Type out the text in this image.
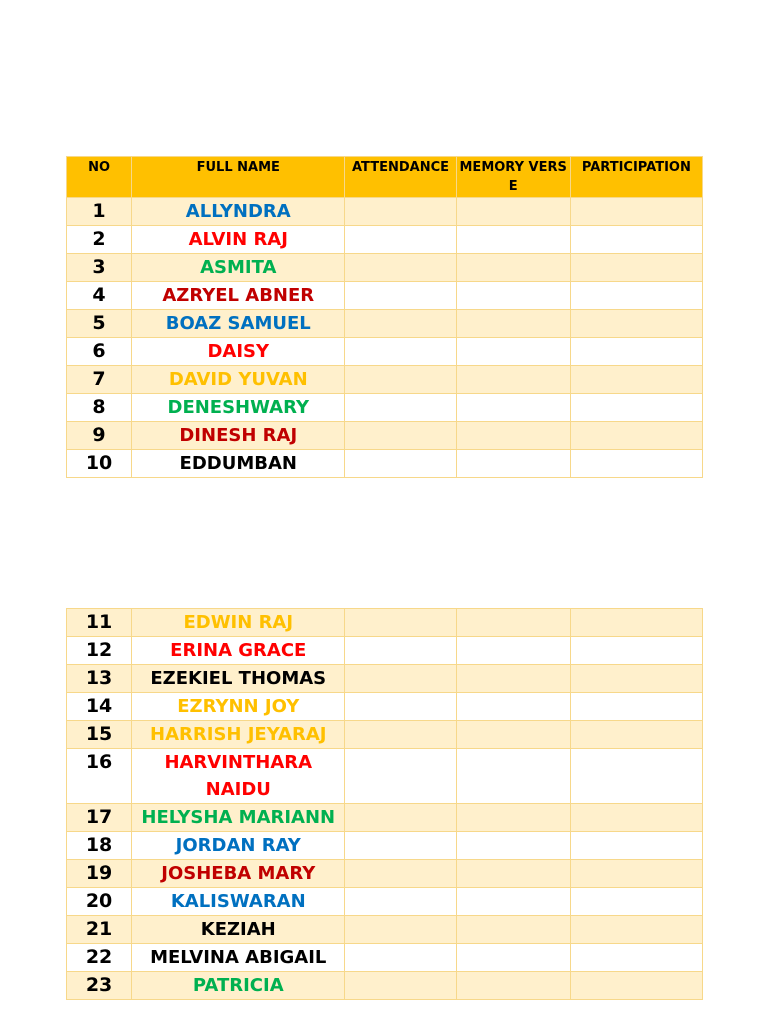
NO	FULL NAME	ATTENDANCE	MEMORY VERSE	PARTICIPATION
1	ALLYNDRA			
2	ALVIN RAJ			
3	ASMITA			
4	AZRYEL ABNER			
5	BOAZ SAMUEL			
6	DAISY			
7	DAVID YUVAN			
8	DENESHWARY			
9	DINESH RAJ			
10	EDDUMBAN			
11	EDWIN RAJ			
12	ERINA GRACE			
13	EZEKIEL THOMAS			
14	EZRYNN JOY			
15	HARRISH JEYARAJ			
16	HARVINTHARA NAIDU			
17	HELYSHA MARIANN			
18	JORDAN RAY			
19	JOSHEBA MARY			
20	KALISWARAN			
21	KEZIAH			
22	MELVINA ABIGAIL			
23	PATRICIA			
